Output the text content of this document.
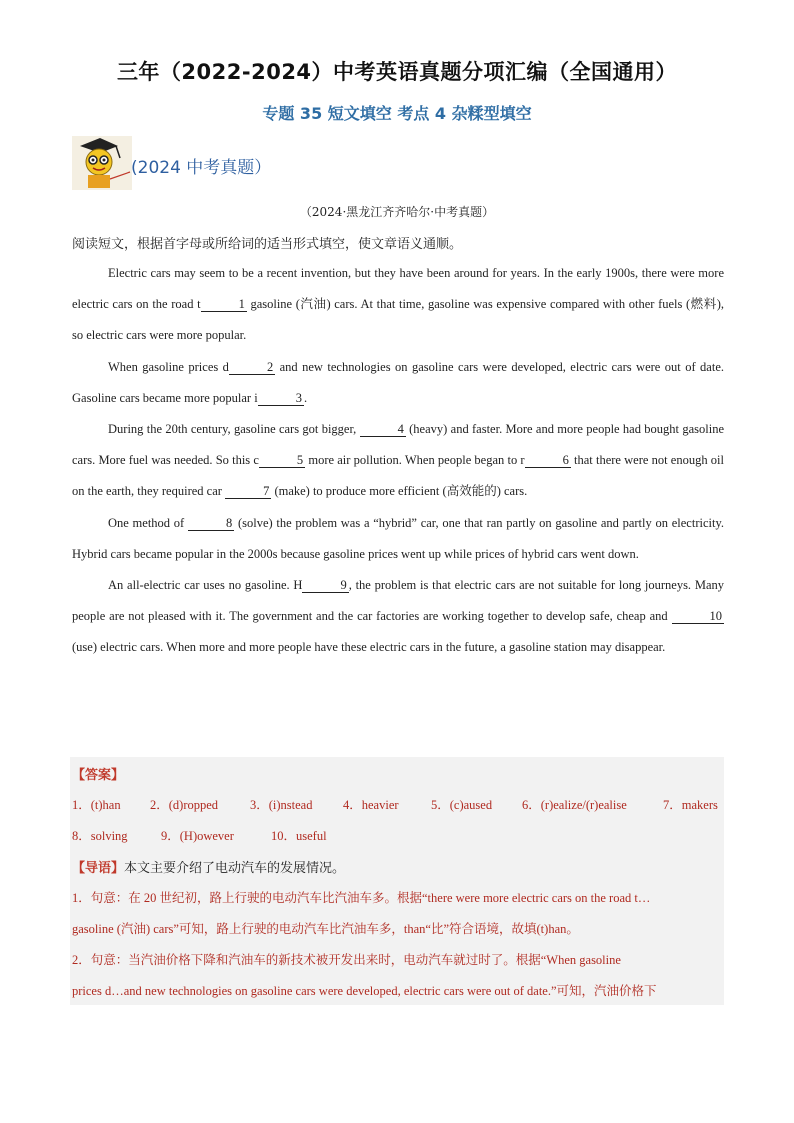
三年（2022-2024）中考英语真题分项汇编（全国通用）
专题 35 短文填空 考点 4 杂糅型填空
(2024 中考真题）
（2024·黑龙江齐齐哈尔·中考真题）
阅读短文，根据首字母或所给词的适当形式填空，使文章语义通顺。

Electric cars may seem to be a recent invention, but they have been around for years. In the early 1900s, there were more electric cars on the road t	1 gasoline (汽油) cars. At that time, gasoline was expensive compared with other fuels (燃料), so electric cars were more popular.

When gasoline prices d	2 and new technologies on gasoline cars were developed, electric cars were out of date. Gasoline cars became more popular i	3 .

During the 20th century, gasoline cars got bigger,	4 (heavy) and faster. More and more people had bought gasoline cars. More fuel was needed. So this c	5 more air pollution. When people began to r	6 that there were not enough oil on the earth, they required car	7 (make) to produce more efficient (高效能的) cars.

One method of	8 (solve) the problem was a “hybrid” car, one that ran partly on gasoline and partly on electricity. Hybrid cars became popular in the 2000s because gasoline prices went up while prices of hybrid cars went down.

An all-electric car uses no gasoline. H	9 , the problem is that electric cars are not suitable for long journeys. Many people are not pleased with it. The government and the car factories are working together to develop safe, cheap and	10 (use) electric cars. When more and more people have these electric cars in the future, a gasoline station may disappear.

【答案】
1．(t)han 2．(d)ropped	3．(i)nstead 4．heavier	5．(c)aused 6．(r)ealize/(r)ealise	7．makers
8．solving	9．(H)owever	10．useful
【导语】本文主要介绍了电动汽车的发展情况。
1．句意：在 20 世纪初，路上行驶的电动汽车比汽油车多。根据“there were more electric cars on the road t…
gasoline (汽油) cars”可知，路上行驶的电动汽车比汽油车多，than“比”符合语境，故填(t)han。
2．句意：当汽油价格下降和汽油车的新技术被开发出来时，电动汽车就过时了。根据“When gasoline
prices d…and new technologies on gasoline cars were developed, electric cars were out of date.”可知，汽油价格下
